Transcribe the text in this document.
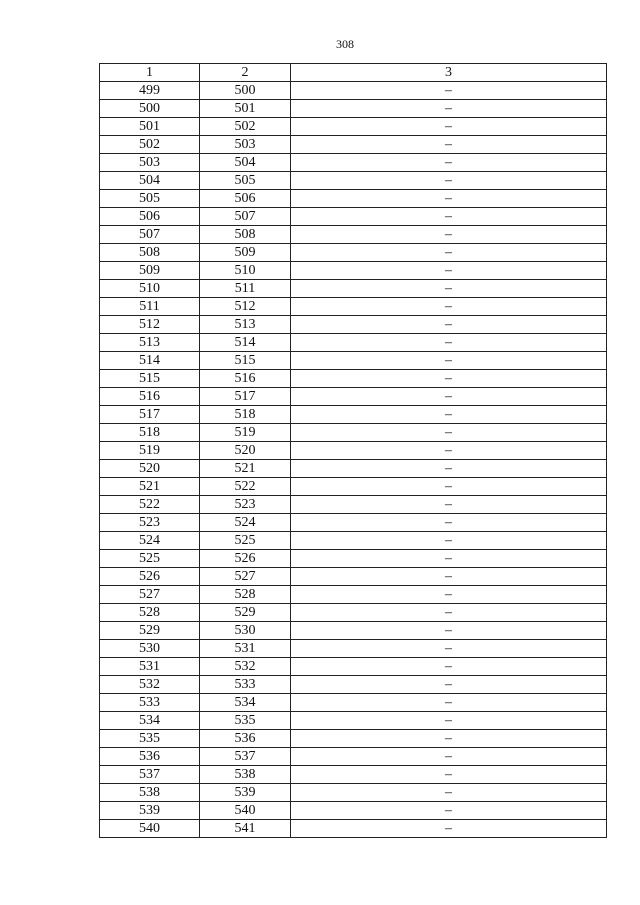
308
1	2	3
499	500	–
500	501	–
501	502	–
502	503	–
503	504	–
504	505	–
505	506	–
506	507	–
507	508	–
508	509	–
509	510	–
510	511	–
511	512	–
512	513	–
513	514	–
514	515	–
515	516	–
516	517	–
517	518	–
518	519	–
519	520	–
520	521	–
521	522	–
522	523	–
523	524	–
524	525	–
525	526	–
526	527	–
527	528	–
528	529	–
529	530	–
530	531	–
531	532	–
532	533	–
533	534	–
534	535	–
535	536	–
536	537	–
537	538	–
538	539	–
539	540	–
540	541	–
